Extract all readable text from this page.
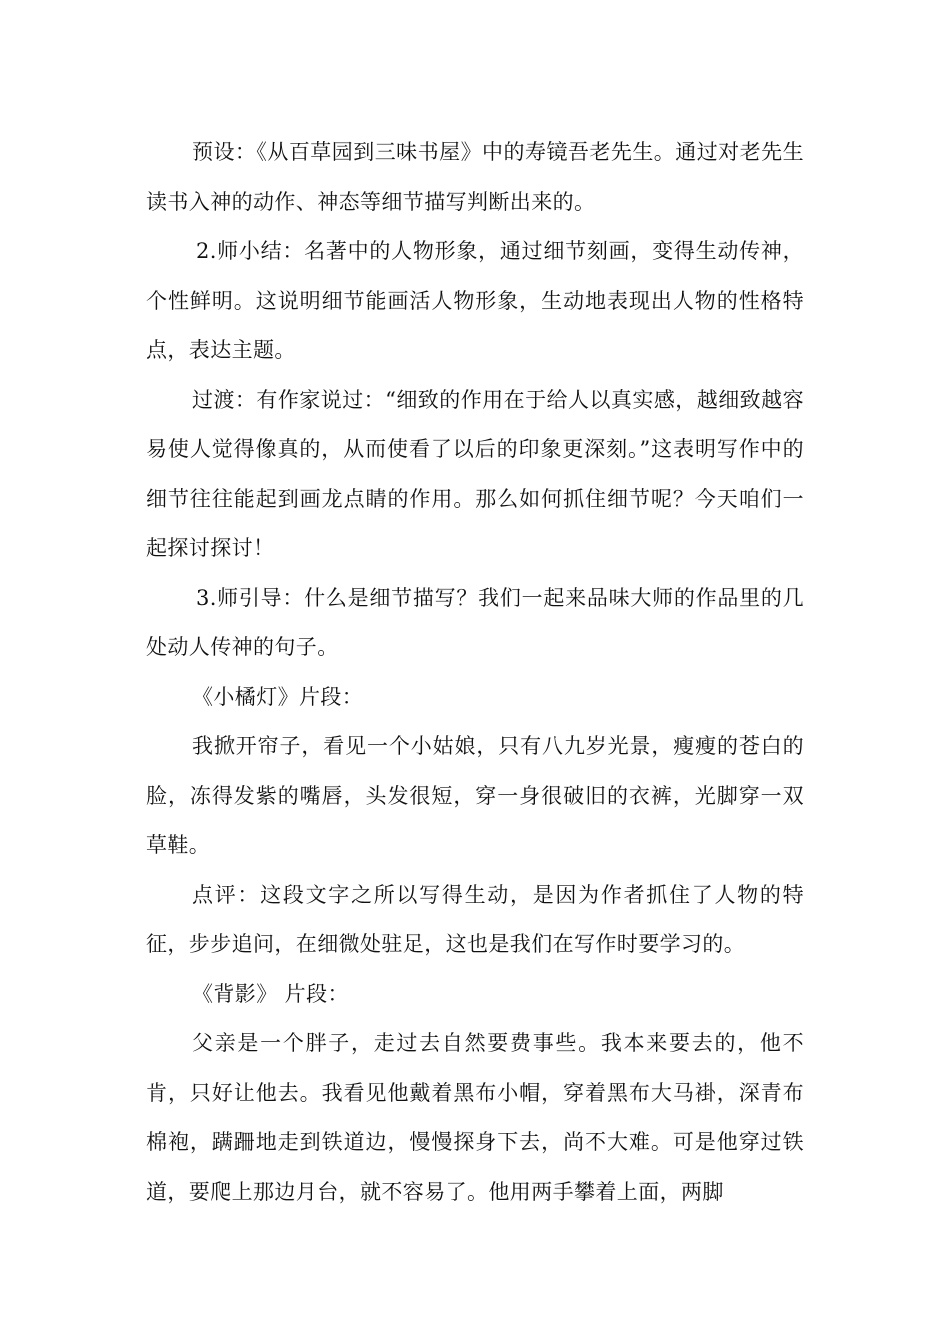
预设：《从百草园到三味书屋》中的寿镜吾老先生。通过对老先生读书入神的动作、神态等细节描写判断出来的。

2.师小结：名著中的人物形象，通过细节刻画，变得生动传神，个性鲜明。这说明细节能画活人物形象，生动地表现出人物的性格特点，表达主题。

过渡：有作家说过：“细致的作用在于给人以真实感，越细致越容易使人觉得像真的，从而使看了以后的印象更深刻。”这表明写作中的细节往往能起到画龙点睛的作用。那么如何抓住细节呢？今天咱们一起探讨探讨！

3.师引导：什么是细节描写？我们一起来品味大师的作品里的几处动人传神的句子。

《小橘灯》片段：

我掀开帘子，看见一个小姑娘，只有八九岁光景，瘦瘦的苍白的脸，冻得发紫的嘴唇，头发很短，穿一身很破旧的衣裤，光脚穿一双草鞋。

点评：这段文字之所以写得生动，是因为作者抓住了人物的特征，步步追问，在细微处驻足，这也是我们在写作时要学习的。

《背影》 片段：

父亲是一个胖子，走过去自然要费事些。我本来要去的，他不肯，只好让他去。我看见他戴着黑布小帽，穿着黑布大马褂，深青布棉袍，蹒跚地走到铁道边，慢慢探身下去，尚不大难。可是他穿过铁道，要爬上那边月台，就不容易了。他用两手攀着上面，两脚
